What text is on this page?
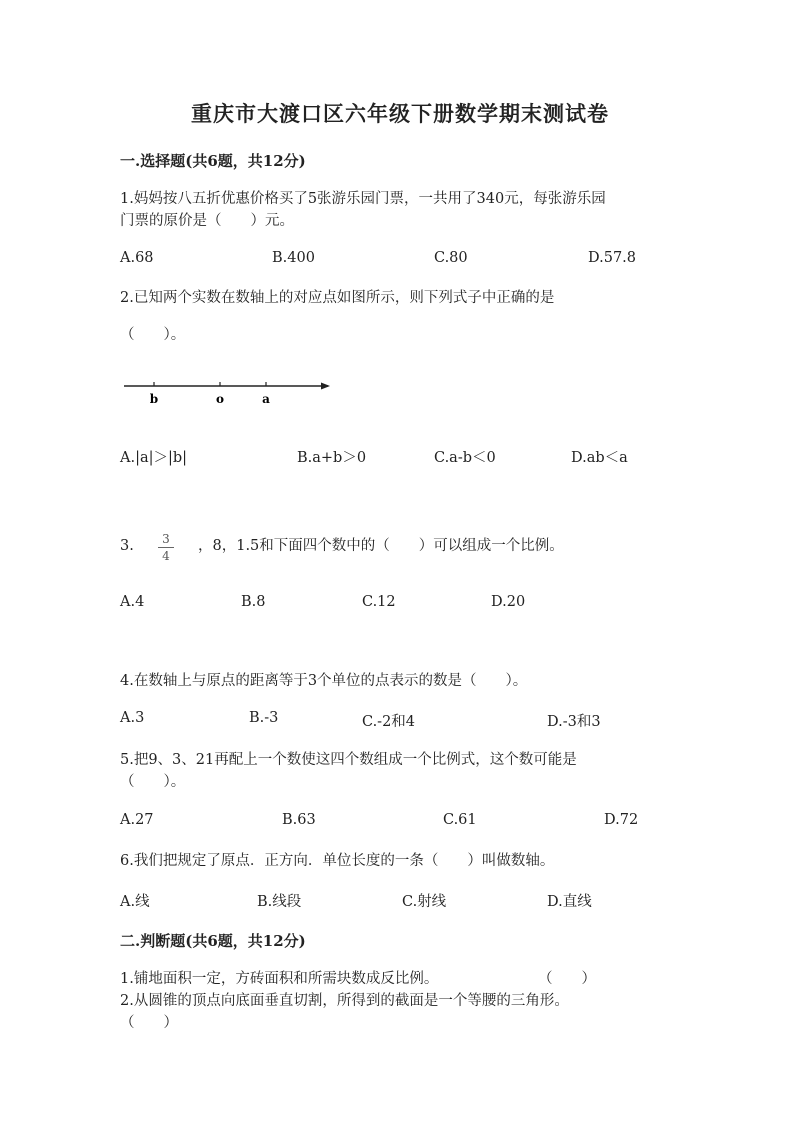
重庆市大渡口区六年级下册数学期末测试卷
一.选择题(共6题，共12分)
1.妈妈按八五折优惠价格买了5张游乐园门票，一共用了340元，每张游乐园
门票的原价是（　　）元。
A.68	B.400	C.80	D.57.8
2.已知两个实数在数轴上的对应点如图所示，则下列式子中正确的是
（　　）。
b	o	a
A.|a|＞|b|	B.a+b＞0	C.a-b＜0	D.ab＜a
3.	3
4
，8，1.5和下面四个数中的（　　）可以组成一个比例。
A.4	B.8	C.12	D.20
4.在数轴上与原点的距离等于3个单位的点表示的数是（　　）。
A.3	B.-3	C.-2和4	D.-3和3
5.把9、3、21再配上一个数使这四个数组成一个比例式，这个数可能是
（　　）。
A.27	B.63	C.61	D.72
6.我们把规定了原点．正方向．单位长度的一条（　　）叫做数轴。
A.线	B.线段	C.射线	D.直线
二.判断题(共6题，共12分)
1.铺地面积一定，方砖面积和所需块数成反比例。	（　　）
2.从圆锥的顶点向底面垂直切割，所得到的截面是一个等腰的三角形。
（　　）
